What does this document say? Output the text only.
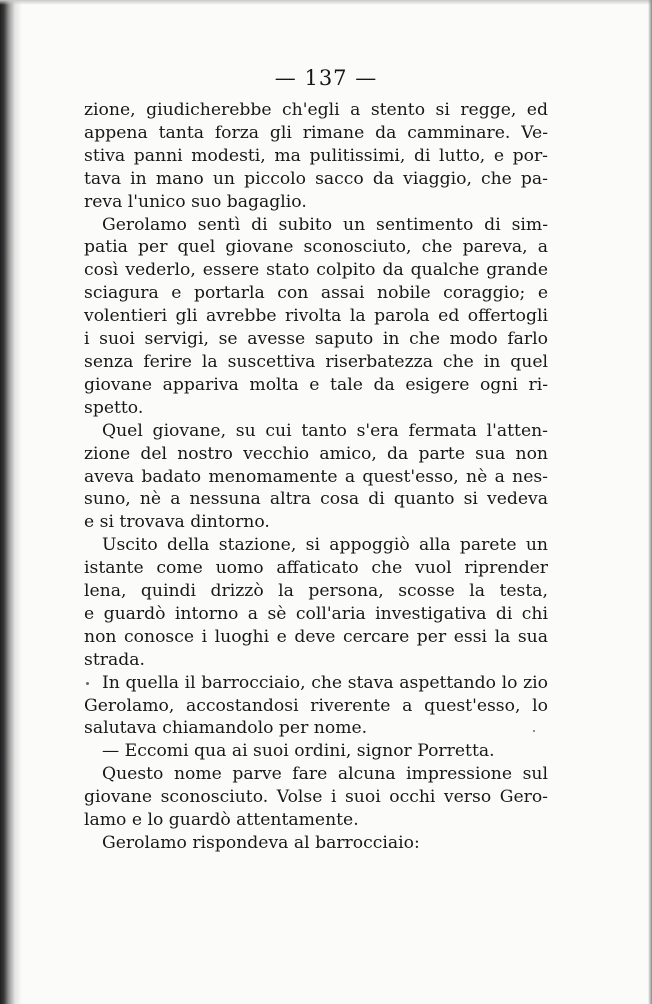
— 137 —
zione, giudicherebbe ch'egli a stento si regge, ed
appena tanta forza gli rimane da camminare. Ve-
stiva panni modesti, ma pulitissimi, di lutto, e por-
tava in mano un piccolo sacco da viaggio, che pa-
reva l'unico suo bagaglio.
Gerolamo sentì di subito un sentimento di sim-
patia per quel giovane sconosciuto, che pareva, a
così vederlo, essere stato colpito da qualche grande
sciagura e portarla con assai nobile coraggio; e
volentieri gli avrebbe rivolta la parola ed offertogli
i suoi servigi, se avesse saputo in che modo farlo
senza ferire la suscettiva riserbatezza che in quel
giovane appariva molta e tale da esigere ogni ri-
spetto.
Quel giovane, su cui tanto s'era fermata l'atten-
zione del nostro vecchio amico, da parte sua non
aveva badato menomamente a quest'esso, nè a nes-
suno, nè a nessuna altra cosa di quanto si vedeva
e si trovava dintorno.
Uscito della stazione, si appoggiò alla parete un
istante come uomo affaticato che vuol riprender
lena, quindi drizzò la persona, scosse la testa,
e guardò intorno a sè coll'aria investigativa di chi
non conosce i luoghi e deve cercare per essi la sua
strada.
In quella il barrocciaio, che stava aspettando lo zio
Gerolamo, accostandosi riverente a quest'esso, lo
salutava chiamandolo per nome.
— Eccomi qua ai suoi ordini, signor Porretta.
Questo nome parve fare alcuna impressione sul
giovane sconosciuto. Volse i suoi occhi verso Gero-
lamo e lo guardò attentamente.
Gerolamo rispondeva al barrocciaio:
